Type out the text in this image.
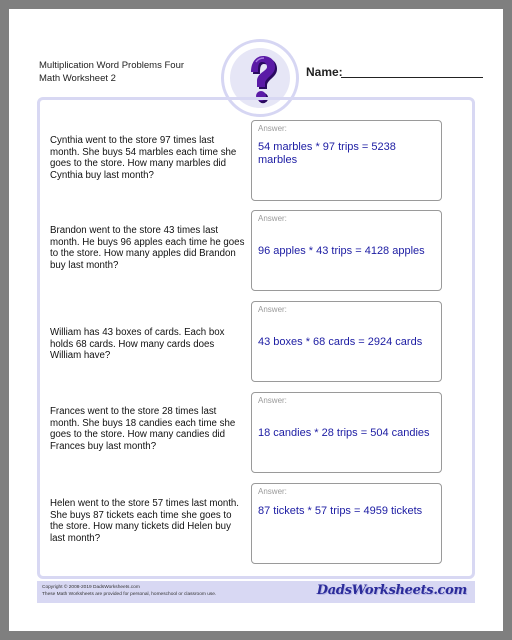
Multiplication Word Problems Four
Math Worksheet 2	Name:
Cynthia went to the store 97 times last month. She buys 54 marbles each time she goes to the store. How many marbles did Cynthia buy last month?
Answer:
54 marbles * 97 trips = 5238 marbles
Brandon went to the store 43 times last month. He buys 96 apples each time he goes to the store. How many apples did Brandon buy last month?
Answer:
96 apples * 43 trips = 4128 apples
William has 43 boxes of cards. Each box holds 68 cards. How many cards does William have?
Answer:
43 boxes * 68 cards = 2924 cards
Frances went to the store 28 times last month. She buys 18 candies each time she goes to the store. How many candies did Frances buy last month?
Answer:
18 candies * 28 trips = 504 candies
Helen went to the store 57 times last month. She buys 87 tickets each time she goes to the store. How many tickets did Helen buy last month?
Answer:
87 tickets * 57 trips = 4959 tickets
Copyright © 2008-2019 DadsWorksheets.com
These Math Worksheets are provided for personal, homeschool or classroom use.	DadsWorksheets.com
